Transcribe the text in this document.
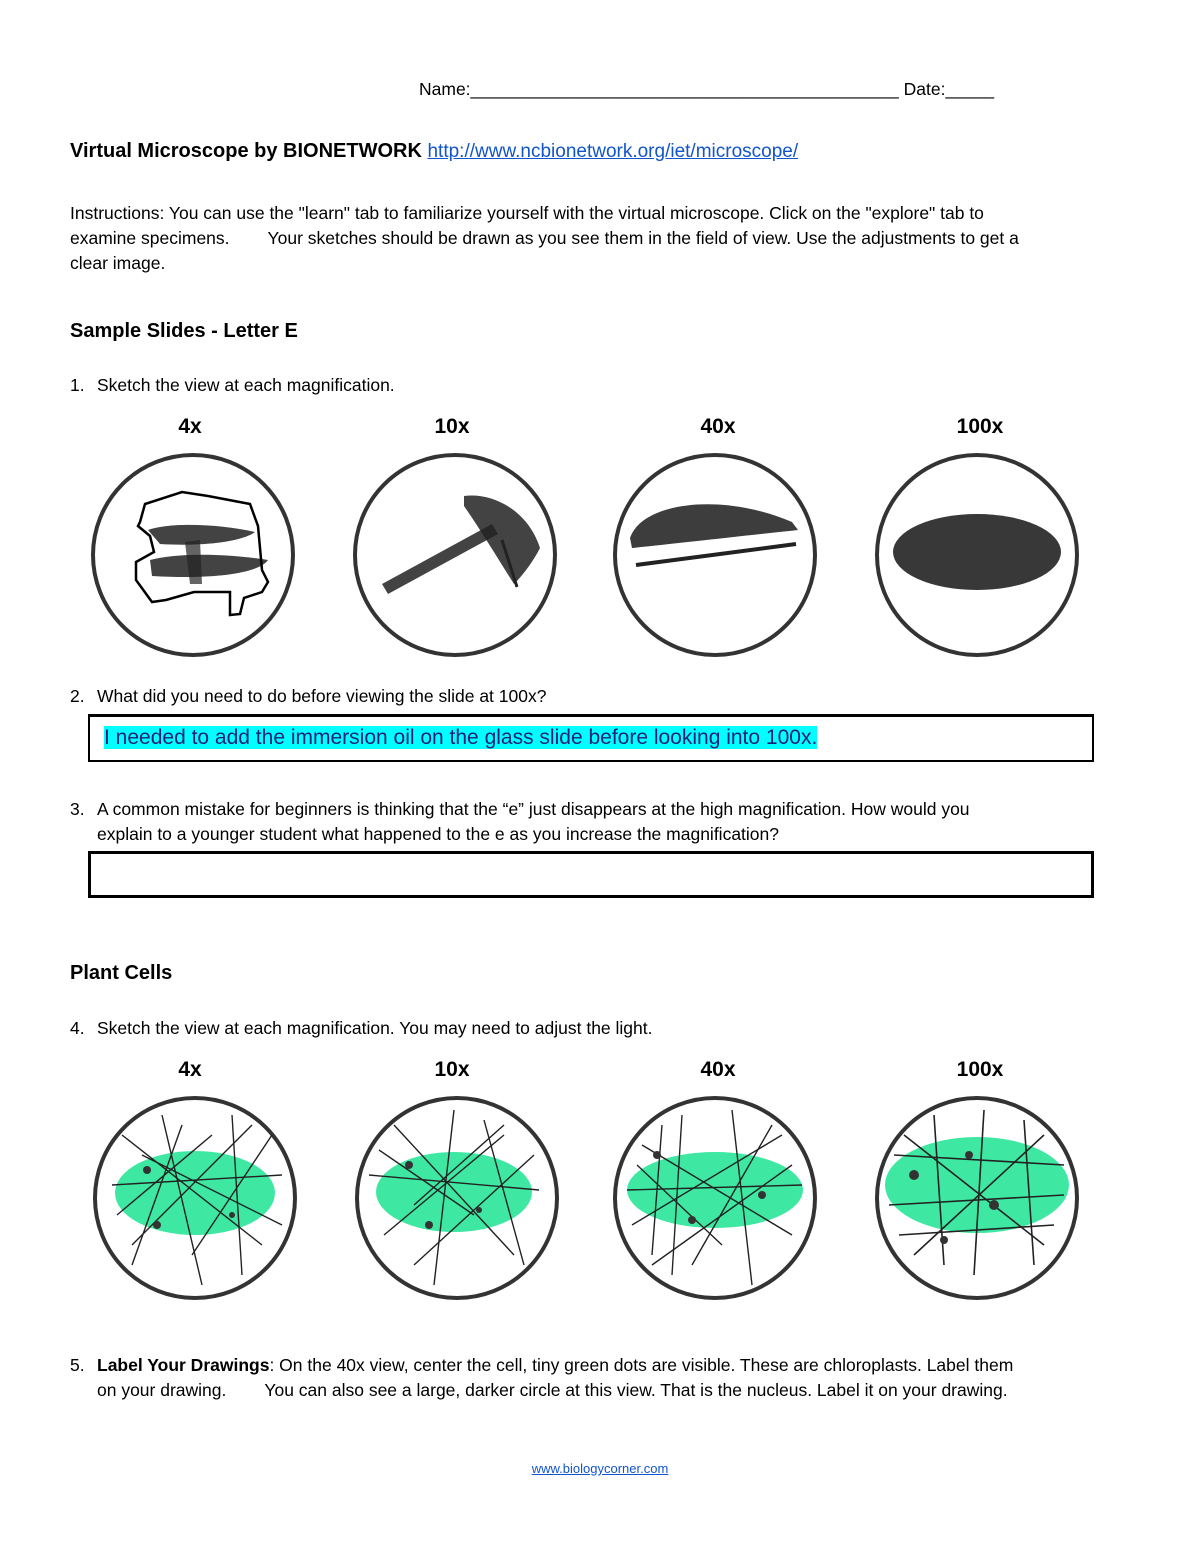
Name:____________________________________________ Date:_____
Virtual Microscope by BIONETWORK http://www.ncbionetwork.org/iet/microscope/
Instructions: You can use the "learn" tab to familiarize yourself with the virtual microscope. Click on the "explore" tab to
examine specimens. Your sketches should be drawn as you see them in the field of view. Use the adjustments to get a
clear image.
Sample Slides - Letter E
1. Sketch the view at each magnification.
4x	10x	40x	100x
2. What did you need to do before viewing the slide at 100x?
I needed to add the immersion oil on the glass slide before looking into 100x.
3. A common mistake for beginners is thinking that the “e” just disappears at the high magnification. How would you
explain to a younger student what happened to the e as you increase the magnification?
Plant Cells
4. Sketch the view at each magnification. You may need to adjust the light.
4x	10x	40x	100x
5. Label Your Drawings: On the 40x view, center the cell, tiny green dots are visible. These are chloroplasts. Label them
on your drawing. You can also see a large, darker circle at this view. That is the nucleus. Label it on your drawing.
www.biologycorner.com
